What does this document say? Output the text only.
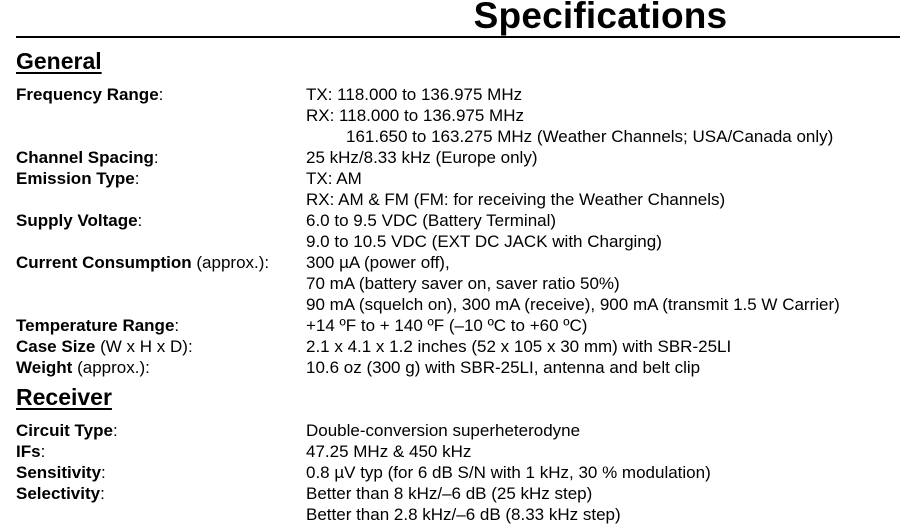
Specifications
General
Frequency Range:	TX: 118.000 to 136.975 MHz
RX: 118.000 to 136.975 MHz
161.650 to 163.275 MHz (Weather Channels; USA/Canada only)
Channel Spacing:	25 kHz/8.33 kHz (Europe only)
Emission Type:	TX: AM
RX: AM & FM (FM: for receiving the Weather Channels)
Supply Voltage:	6.0 to 9.5 VDC (Battery Terminal)
9.0 to 10.5 VDC (EXT DC JACK with Charging)
Current Consumption (approx.):	300 µA (power off),
70 mA (battery saver on, saver ratio 50%)
90 mA (squelch on), 300 mA (receive), 900 mA (transmit 1.5 W Carrier)
Temperature Range:	+14 ºF to + 140 ºF (–10 ºC to +60 ºC)
Case Size (W x H x D):	2.1 x 4.1 x 1.2 inches (52 x 105 x 30 mm) with SBR-25LI
Weight (approx.):	10.6 oz (300 g) with SBR-25LI, antenna and belt clip
Receiver
Circuit Type:	Double-conversion superheterodyne
IFs:	47.25 MHz & 450 kHz
Sensitivity:	0.8 µV typ (for 6 dB S/N with 1 kHz, 30 % modulation)
Selectivity:	Better than 8 kHz/–6 dB (25 kHz step)
Better than 2.8 kHz/–6 dB (8.33 kHz step)
